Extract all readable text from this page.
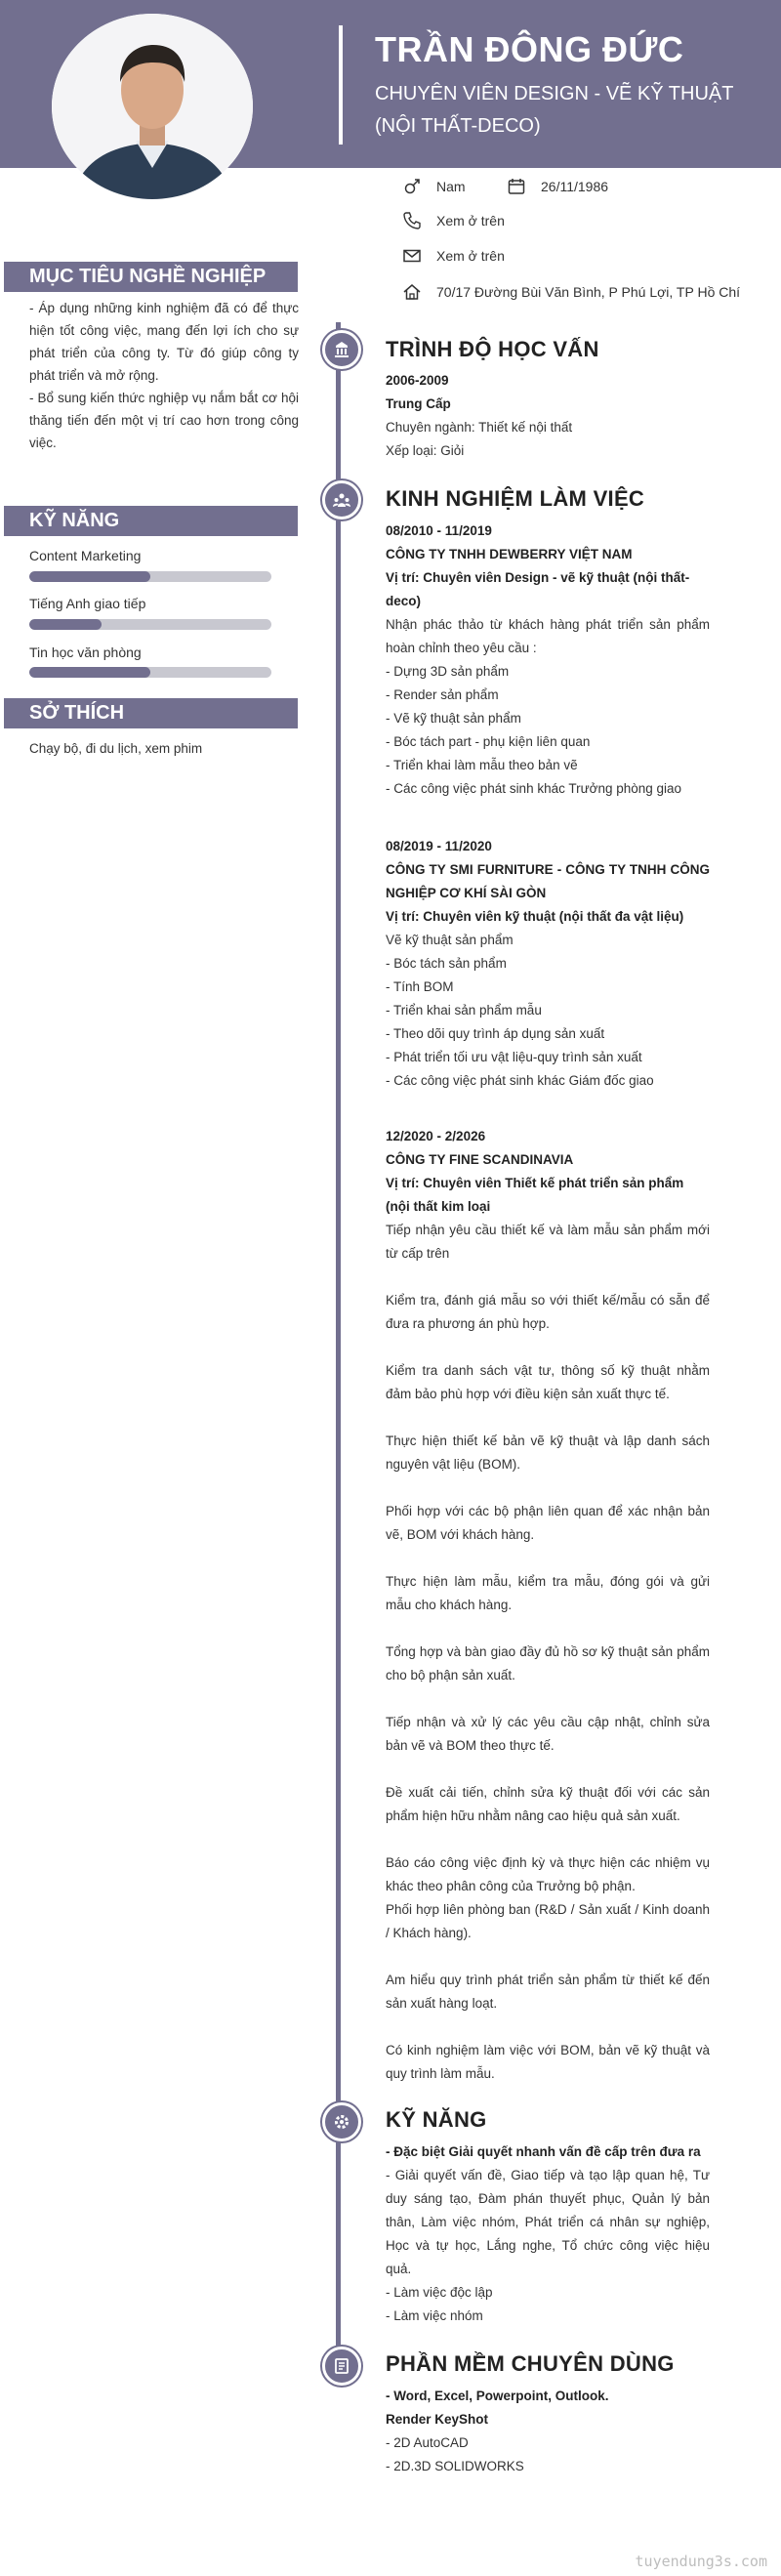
TRẦN ĐÔNG ĐỨC
CHUYÊN VIÊN DESIGN - VẼ KỸ THUẬT (NỘI THẤT-DECO)
Nam	26/11/1986
Xem ở trên
Xem ở trên
70/17 Đường Bùi Văn Bình, P Phú Lợi, TP Hồ Chí
MỤC TIÊU NGHỀ NGHIỆP
- Áp dụng những kinh nghiệm đã có để thực hiện tốt công việc, mang đến lợi ích cho sự phát triển của công ty. Từ đó giúp công ty phát triển và mở rộng.
- Bổ sung kiến thức nghiệp vụ nắm bắt cơ hội thăng tiến đến một vị trí cao hơn trong công việc.
KỸ NĂNG
Content Marketing
Tiếng Anh giao tiếp
Tin học văn phòng
SỞ THÍCH
Chạy bộ, đi du lịch, xem phim
TRÌNH ĐỘ HỌC VẤN
2006-2009
Trung Cấp
Chuyên ngành: Thiết kế nội thất
Xếp loại: Giỏi
KINH NGHIỆM LÀM VIỆC
08/2010 - 11/2019
CÔNG TY TNHH DEWBERRY VIỆT NAM
Vị trí: Chuyên viên Design - vẽ kỹ thuật (nội thất-deco)
Nhận phác thảo từ khách hàng phát triển sản phẩm hoàn chỉnh theo yêu cầu :
- Dựng 3D sản phẩm
- Render sản phẩm
- Vẽ kỹ thuật sản phẩm
- Bóc tách part - phụ kiện liên quan
- Triển khai làm mẫu theo bản vẽ
- Các công việc phát sinh khác Trưởng phòng giao
08/2019 - 11/2020
CÔNG TY SMI FURNITURE - CÔNG TY TNHH CÔNG NGHIỆP CƠ KHÍ SÀI GÒN
Vị trí: Chuyên viên kỹ thuật (nội thất đa vật liệu)
Vẽ kỹ thuật sản phẩm
- Bóc tách sản phẩm
- Tính BOM
- Triển khai sản phẩm mẫu
- Theo dõi quy trình áp dụng sản xuất
- Phát triển tối ưu vật liệu-quy trình sản xuất
- Các công việc phát sinh khác Giám đốc giao
12/2020 - 2/2026
CÔNG TY FINE SCANDINAVIA
Vị trí: Chuyên viên Thiết kế phát triển sản phẩm (nội thất kim loại
Tiếp nhận yêu cầu thiết kế và làm mẫu sản phẩm mới từ cấp trên
Kiểm tra, đánh giá mẫu so với thiết kế/mẫu có sẵn để đưa ra phương án phù hợp.
Kiểm tra danh sách vật tư, thông số kỹ thuật nhằm đảm bảo phù hợp với điều kiện sản xuất thực tế.
Thực hiện thiết kế bản vẽ kỹ thuật và lập danh sách nguyên vật liệu (BOM).
Phối hợp với các bộ phận liên quan để xác nhận bản vẽ, BOM với khách hàng.
Thực hiện làm mẫu, kiểm tra mẫu, đóng gói và gửi mẫu cho khách hàng.
Tổng hợp và bàn giao đầy đủ hồ sơ kỹ thuật sản phẩm cho bộ phận sản xuất.
Tiếp nhận và xử lý các yêu cầu cập nhật, chỉnh sửa bản vẽ và BOM theo thực tế.
Đề xuất cải tiến, chỉnh sửa kỹ thuật đối với các sản phẩm hiện hữu nhằm nâng cao hiệu quả sản xuất.
Báo cáo công việc định kỳ và thực hiện các nhiệm vụ khác theo phân công của Trưởng bộ phận.
Phối hợp liên phòng ban (R&D / Sản xuất / Kinh doanh / Khách hàng).
Am hiểu quy trình phát triển sản phẩm từ thiết kế đến sản xuất hàng loạt.
Có kinh nghiệm làm việc với BOM, bản vẽ kỹ thuật và quy trình làm mẫu.
KỸ NĂNG
- Đặc biệt Giải quyết nhanh vấn đề cấp trên đưa ra
- Giải quyết vấn đề, Giao tiếp và tạo lập quan hệ, Tư duy sáng tạo, Đàm phán thuyết phục, Quản lý bản thân, Làm việc nhóm, Phát triển cá nhân sự nghiệp, Học và tự học, Lắng nghe, Tổ chức công việc hiệu quả.
- Làm việc độc lập
- Làm việc nhóm
PHẦN MỀM CHUYÊN DÙNG
- Word, Excel, Powerpoint, Outlook.
Render KeyShot
- 2D AutoCAD
- 2D.3D SOLIDWORKS
tuyendung3s.com
